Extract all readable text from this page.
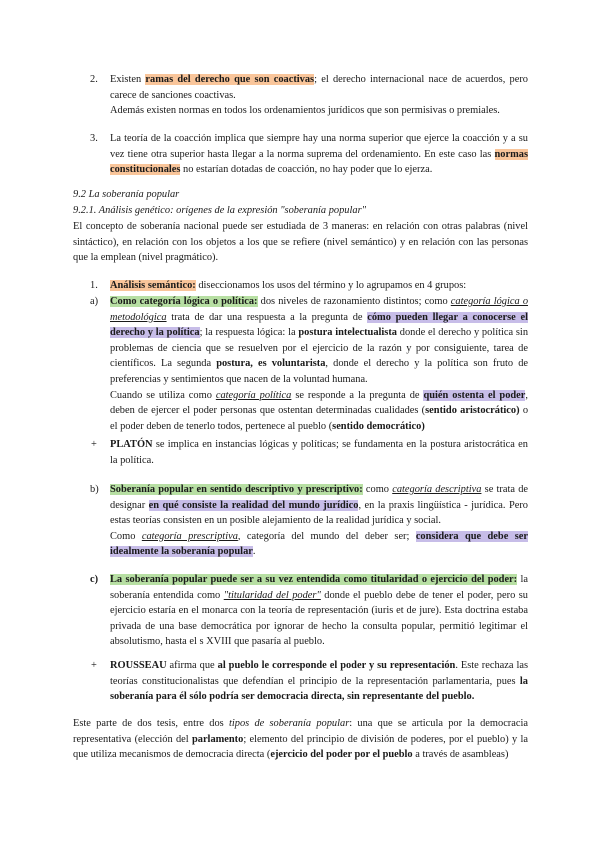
2.	Existen ramas del derecho que son coactivas; el derecho internacional nace de acuerdos, pero carece de sanciones coactivas.

Además existen normas en todos los ordenamientos jurídicos que son permisivas o premiales.

3.	La teoría de la coacción implica que siempre hay una norma superior que ejerce la coacción y a su vez tiene otra superior hasta llegar a la norma suprema del ordenamiento. En este caso las normas constitucionales no estarían dotadas de coacción, no hay poder que lo ejerza.

9.2 La soberanía popular
9.2.1. Análisis genético: orígenes de la expresión "soberanía popular"
El concepto de soberanía nacional puede ser estudiada de 3 maneras: en relación con otras palabras (nivel sintáctico), en relación con los objetos a los que se refiere (nivel semántico) y en relación con las personas que la emplean (nivel pragmático).
1.	Análisis semántico: diseccionamos los usos del término y lo agrupamos en 4 grupos:
a)	Como categoría lógica o política: dos niveles de razonamiento distintos; como categoría lógica o metodológica trata de dar una respuesta a la pregunta de cómo pueden llegar a conocerse el derecho y la política; la respuesta lógica: la postura intelectualista donde el derecho y política sin problemas de ciencia que se resuelven por el ejercicio de la razón y por consiguiente, tarea de científicos. La segunda postura, es voluntarista, donde el derecho y la política son fruto de preferencias y sentimientos que nacen de la voluntad humana.

Cuando se utiliza como categoría política se responde a la pregunta de quién ostenta el poder, deben de ejercer el poder personas que ostentan determinadas cualidades (sentido aristocrático) o el poder deben de tenerlo todos, pertenece al pueblo (sentido democrático)

+	PLATÓN se implica en instancias lógicas y políticas; se fundamenta en la postura aristocrática en la política.
b)	Soberanía popular en sentido descriptivo y prescriptivo: como categoría descriptiva se trata de designar en qué consiste la realidad del mundo jurídico, en la praxis lingüística - jurídica. Pero estas teorías consisten en un posible alejamiento de la realidad jurídica y social.

Como categoría prescriptiva, categoría del mundo del deber ser; considera que debe ser idealmente la soberanía popular.

c)	La soberanía popular puede ser a su vez entendida como titularidad o ejercicio del poder: la soberanía entendida como "titularidad del poder" donde el pueblo debe de tener el poder, pero su ejercicio estaría en el monarca con la teoría de representación (iuris et de jure). Esta doctrina estaba privada de una base democrática por ignorar de hecho la consulta popular, permitió legitimar el absolutismo, hasta el s XVIII que pasaría al pueblo.

+	ROUSSEAU afirma que al pueblo le corresponde el poder y su representación. Este rechaza las teorías constitucionalistas que defendían el principio de la representación parlamentaria, pues la soberanía para él sólo podría ser democracia directa, sin representante del pueblo.
Este parte de dos tesis, entre dos tipos de soberanía popular: una que se articula por la democracia representativa (elección del parlamento; elemento del principio de división de poderes, por el pueblo) y la que utiliza mecanismos de democracia directa (ejercicio del poder por el pueblo a través de asambleas)
